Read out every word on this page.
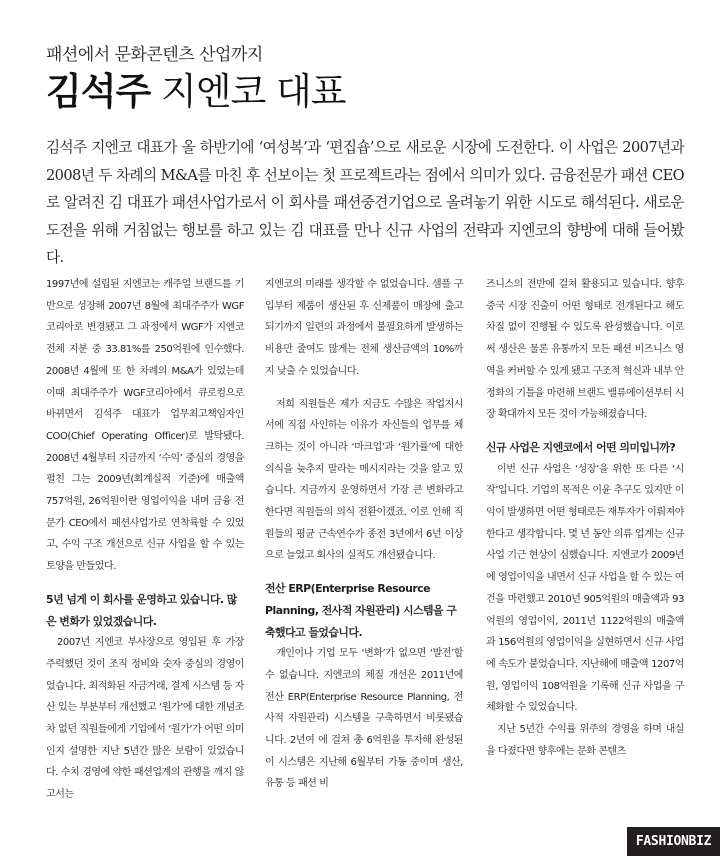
패션에서 문화콘텐츠 산업까지
김석주 지엔코 대표
김석주 지엔코 대표가 올 하반기에 ‘여성복’과 ‘편집숍’으로 새로운 시장에 도전한다. 이 사업은 2007년과 2008년 두 차례의 M&A를 마친 후 선보이는 첫 프로젝트라는 점에서 의미가 있다. 금융전문가 패션 CEO로 알려진 김 대표가 패션사업가로서 이 회사를 패션중견기업으로 올려놓기 위한 시도로 해석된다. 새로운 도전을 위해 거침없는 행보를 하고 있는 김 대표를 만나 신규 사업의 전략과 지엔코의 향방에 대해 들어봤다.

1997년에 설립된 지엔코는 캐주얼 브랜드를 기반으로 성장해 2007년 8월에 최대주주가 WGF코리아로 변경됐고 그 과정에서 WGF가 지엔코 전체 지분 중 33.81%를 250억원에 인수했다. 2008년 4월에 또 한 차례의 M&A가 있었는데 이때 최대주주가 WGF코리아에서 큐로컴으로 바뀌면서 김석주 대표가 업무최고책임자인 COO(Chief Operating Officer)로 발탁됐다. 2008년 4월부터 지금까지 ‘수익’ 중심의 경영을 펼친 그는 2009년(회계실적 기준)에 매출액 757억원, 26억원이란 영업이익을 내며 금융 전문가 CEO에서 패션사업가로 연착륙할 수 있었고, 수익 구조 개선으로 신규 사업을 할 수 있는 토양을 만들었다.

5년 넘게 이 회사를 운영하고 있습니다. 많은 변화가 있었겠습니다.

2007년 지엔코 부사장으로 영입된 후 가장 주력했던 것이 조직 정비와 숫자 중심의 경영이었습니다. 최적화된 자금거래, 결제 시스템 등 자산 있는 부분부터 개선했고 ‘원가’에 대한 개념조차 없던 직원들에게 기업에서 ‘원가’가 어떤 의미인지 설명한 지난 5년간 많은 보람이 있었습니다. 수치 경영에 약한 패션업계의 관행을 깨지 않고서는

지엔코의 미래를 생각할 수 없었습니다. 샘플 구입부터 제품이 생산된 후 신제품이 매장에 출고되기까지 일련의 과정에서 불필요하게 발생하는 비용만 줄여도 많게는 전체 생산금액의 10%까지 낮출 수 있었습니다.

저희 직원들은 제가 지금도 수많은 작업지시서에 직접 사인하는 이유가 자신들의 업무를 체크하는 것이 아니라 ‘마크업’과 ‘원가률’에 대한 의식을 늦추지 말라는 메시지라는 것을 알고 있습니다. 지금까지 운영하면서 가장 큰 변화라고 한다면 직원들의 의식 전환이겠죠. 이로 인해 직원들의 평균 근속연수가 종전 3년에서 6년 이상으로 늘었고 회사의 실적도 개선됐습니다.

전산 ERP(Enterprise Resource Planning, 전사적 자원관리) 시스템을 구축했다고 들었습니다.

개인이나 기업 모두 ‘변화’가 없으면 ‘발전’할 수 없습니다. 지엔코의 체질 개선은 2011년에 전산 ERP(Enterprise Resource Planning, 전사적 자원관리) 시스템을 구축하면서 비롯됐습니다. 2년여 에 걸쳐 총 6억원을 투자해 완성된 이 시스템은 지난해 6월부터 가동 중이며 생산, 유통 등 패션 비

즈니스의 전반에 걸쳐 활용되고 있습니다. 향후 중국 시장 진출이 어떤 형태로 전개된다고 해도 차질 없이 진행될 수 있도록 완성했습니다. 이로써 생산은 물론 유통까지 모든 패션 비즈니스 영역을 커버할 수 있게 됐고 구조적 혁신과 내부 안정화의 기틀을 마련해 브랜드 밸류에이션부터 시장 확대까지 모든 것이 가능해졌습니다.

신규 사업은 지엔코에서 어떤 의미입니까?

이번 신규 사업은 ‘성장’을 위한 또 다른 ‘시작’입니다. 기업의 목적은 이윤 추구도 있지만 이익이 발생하면 어떤 형태로든 재투자가 이뤄져야 한다고 생각합니다. 몇 년 동안 의류 업계는 신규 사업 기근 현상이 심했습니다. 지엔코가 2009년에 영업이익을 내면서 신규 사업을 할 수 있는 여건을 마련했고 2010년 905억원의 매출액과 93억원의 영업이익, 2011년 1122억원의 매출액과 156억원의 영업이익을 실현하면서 신규 사업에 속도가 붙었습니다. 지난해에 매출액 1207억원, 영업이익 108억원을 기록해 신규 사업을 구체화할 수 있었습니다.

지난 5년간 수익률 위주의 경영을 하며 내실을 다졌다면 향후에는 문화 콘텐츠

FASHIONBIZ
